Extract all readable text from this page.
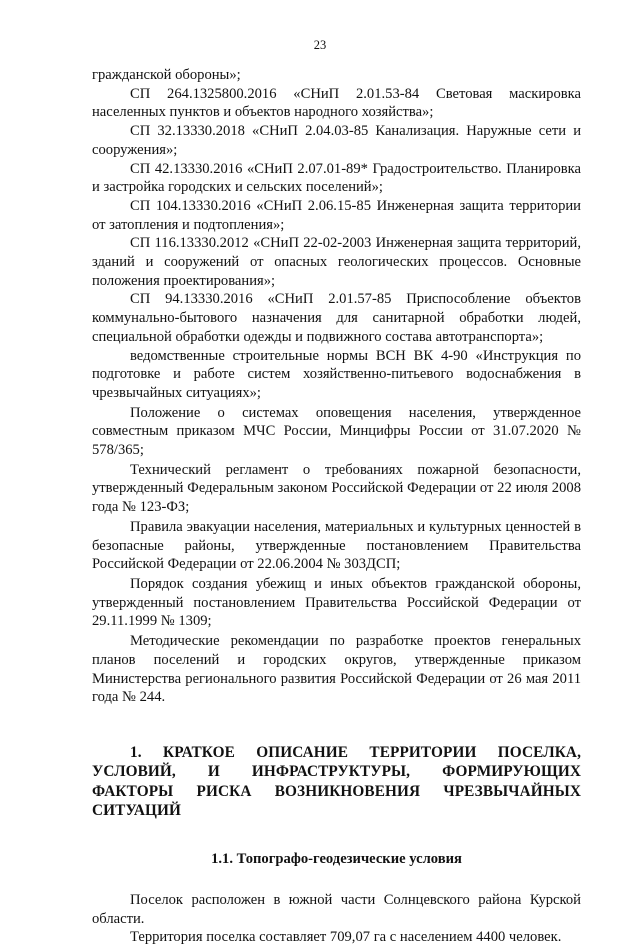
23

гражданской обороны»;

СП 264.1325800.2016 «СНиП 2.01.53-84 Световая маскировка населенных пунктов и объектов народного хозяйства»;

СП 32.13330.2018 «СНиП 2.04.03-85 Канализация. Наружные сети и сооружения»;

СП 42.13330.2016 «СНиП 2.07.01-89* Градостроительство. Планировка и застройка городских и сельских поселений»;

СП 104.13330.2016 «СНиП 2.06.15-85 Инженерная защита территории от затопления и подтопления»;

СП 116.13330.2012 «СНиП 22-02-2003 Инженерная защита территорий, зданий и сооружений от опасных геологических процессов. Основные положения проектирования»;

СП 94.13330.2016 «СНиП 2.01.57-85 Приспособление объектов коммунально-бытового назначения для санитарной обработки людей, специальной обработки одежды и подвижного состава автотранспорта»;

ведомственные строительные нормы ВСН ВК 4-90 «Инструкция по подготовке и работе систем хозяйственно-питьевого водоснабжения в чрезвычайных ситуациях»;

Положение о системах оповещения населения, утвержденное совместным приказом МЧС России, Минцифры России от 31.07.2020 № 578/365;

Технический регламент о требованиях пожарной безопасности, утвержденный Федеральным законом Российской Федерации от 22 июля 2008 года № 123-ФЗ;

Правила эвакуации населения, материальных и культурных ценностей в безопасные районы, утвержденные постановлением Правительства Российской Федерации от 22.06.2004 № 303ДСП;

Порядок создания убежищ и иных объектов гражданской обороны, утвержденный постановлением Правительства Российской Федерации от 29.11.1999 № 1309;

Методические рекомендации по разработке проектов генеральных планов поселений и городских округов, утвержденные приказом Министерства регионального развития Российской Федерации от 26 мая 2011 года № 244.

1. КРАТКОЕ ОПИСАНИЕ ТЕРРИТОРИИ ПОСЕЛКА, УСЛОВИЙ, И ИНФРАСТРУКТУРЫ, ФОРМИРУЮЩИХ ФАКТОРЫ РИСКА ВОЗНИКНОВЕНИЯ ЧРЕЗВЫЧАЙНЫХ СИТУАЦИЙ
1.1. Топографо-геодезические условия

Поселок расположен в южной части Солнцевского района Курской области.

Территория поселка составляет 709,07 га с населением 4400 человек.
